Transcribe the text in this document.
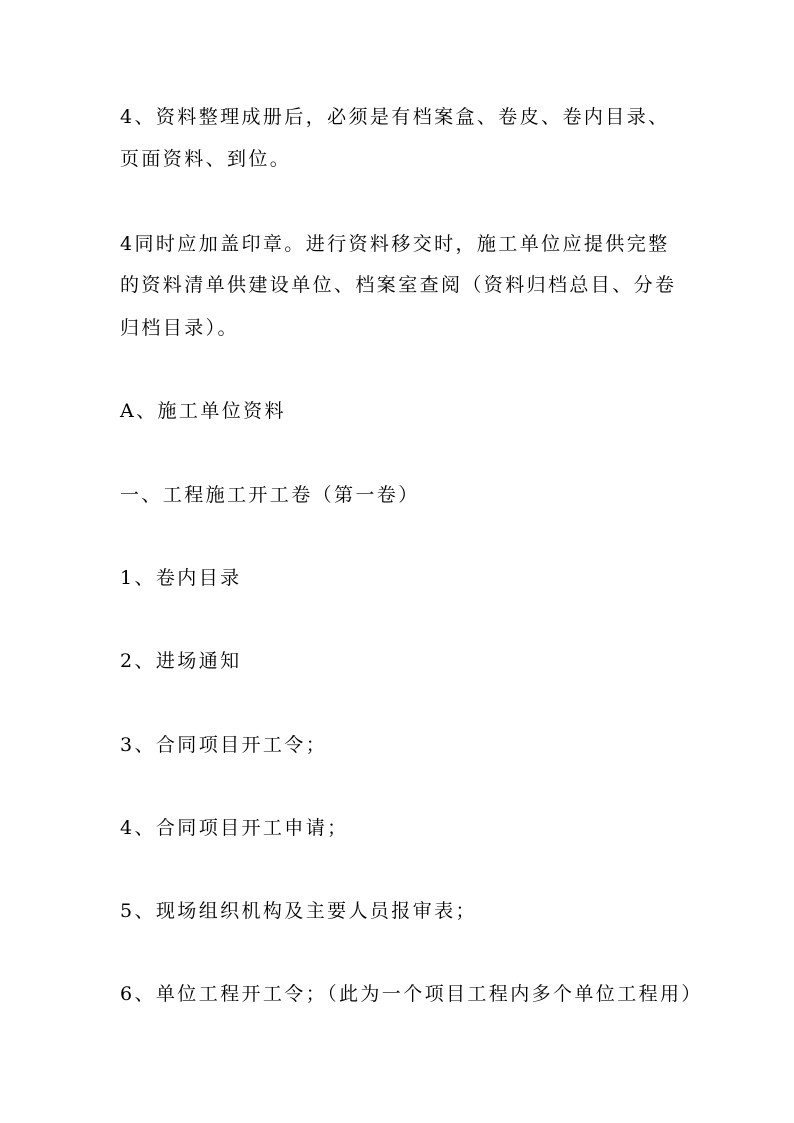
4、资料整理成册后，必须是有档案盒、卷皮、卷内目录、

页面资料、到位。

4同时应加盖印章。进行资料移交时，施工单位应提供完整

的资料清单供建设单位、档案室查阅（资料归档总目、分卷

归档目录）。

A、施工单位资料

一、工程施工开工卷（第一卷）

1、卷内目录

2、进场通知

3、合同项目开工令；

4、合同项目开工申请；

5、现场组织机构及主要人员报审表；

6、单位工程开工令；（此为一个项目工程内多个单位工程用）
